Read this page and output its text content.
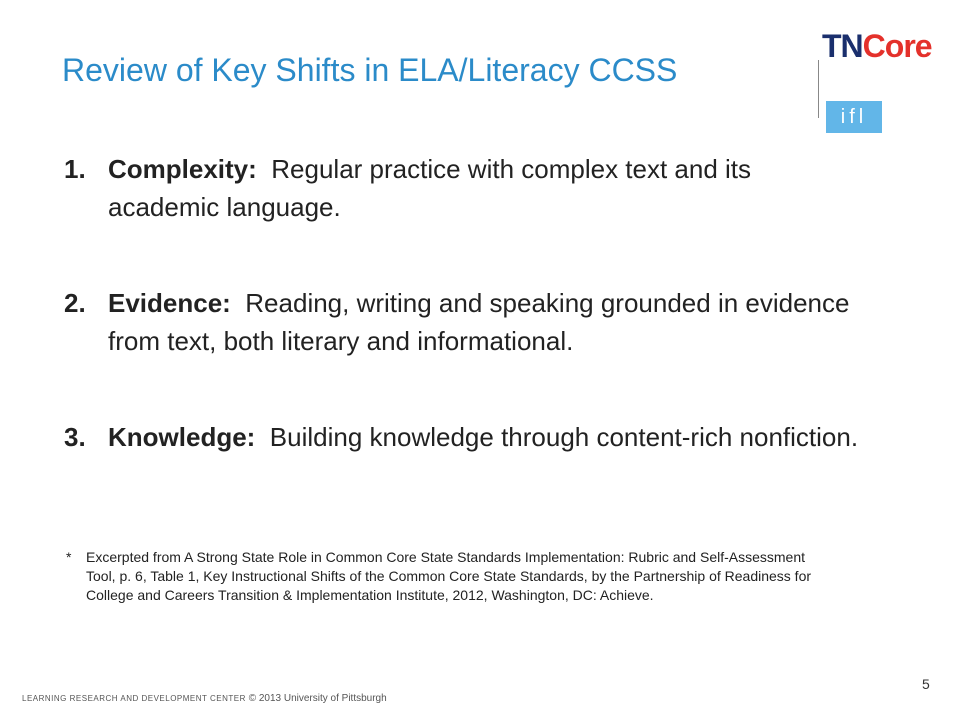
Review of Key Shifts in ELA/Literacy CCSS
TNCore
ifl
1. Complexity: Regular practice with complex text and its academic language.
2. Evidence: Reading, writing and speaking grounded in evidence from text, both literary and informational.
3. Knowledge: Building knowledge through content-rich nonfiction.
*	Excerpted from A Strong State Role in Common Core State Standards Implementation: Rubric and Self-Assessment Tool, p. 6, Table 1, Key Instructional Shifts of the Common Core State Standards, by the Partnership of Readiness for College and Careers Transition & Implementation Institute, 2012, Washington, DC: Achieve.
LEARNING RESEARCH AND DEVELOPMENT CENTER © 2013 University of Pittsburgh
5
